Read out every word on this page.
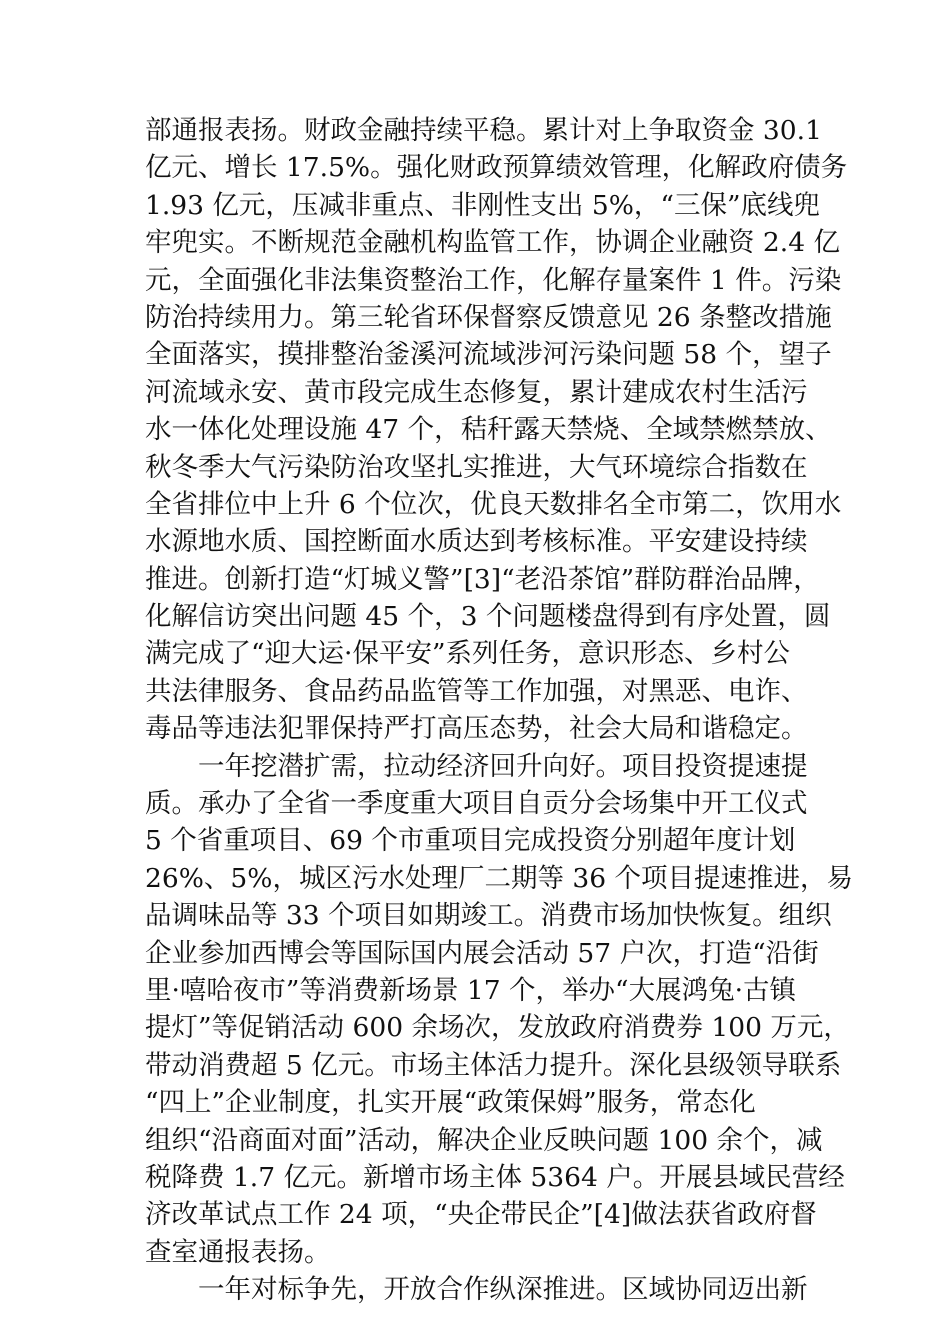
部通报表扬。财政金融持续平稳。累计对上争取资金 30.1
亿元、增长 17.5%。强化财政预算绩效管理，化解政府债务
1.93 亿元，压减非重点、非刚性支出 5%，“三保”底线兜
牢兜实。不断规范金融机构监管工作，协调企业融资 2.4 亿
元，全面强化非法集资整治工作，化解存量案件 1 件。污染
防治持续用力。第三轮省环保督察反馈意见 26 条整改措施
全面落实，摸排整治釜溪河流域涉河污染问题 58 个，望子
河流域永安、黄市段完成生态修复，累计建成农村生活污
水一体化处理设施 47 个，秸秆露天禁烧、全域禁燃禁放、
秋冬季大气污染防治攻坚扎实推进，大气环境综合指数在
全省排位中上升 6 个位次，优良天数排名全市第二，饮用水
水源地水质、国控断面水质达到考核标准。平安建设持续
推进。创新打造“灯城义警”[3]“老沿茶馆”群防群治品牌，
化解信访突出问题 45 个，3 个问题楼盘得到有序处置，圆
满完成了“迎大运·保平安”系列任务，意识形态、乡村公
共法律服务、食品药品监管等工作加强，对黑恶、电诈、
毒品等违法犯罪保持严打高压态势，社会大局和谐稳定。
一年挖潜扩需，拉动经济回升向好。项目投资提速提
质。承办了全省一季度重大项目自贡分会场集中开工仪式
5 个省重项目、69 个市重项目完成投资分别超年度计划
26%、5%，城区污水处理厂二期等 36 个项目提速推进，易
品调味品等 33 个项目如期竣工。消费市场加快恢复。组织
企业参加西博会等国际国内展会活动 57 户次，打造“沿街
里·嘻哈夜市”等消费新场景 17 个，举办“大展鸿兔·古镇
提灯”等促销活动 600 余场次，发放政府消费券 100 万元，
带动消费超 5 亿元。市场主体活力提升。深化县级领导联系
“四上”企业制度，扎实开展“政策保姆”服务，常态化
组织“沿商面对面”活动，解决企业反映问题 100 余个，减
税降费 1.7 亿元。新增市场主体 5364 户。开展县域民营经
济改革试点工作 24 项，“央企带民企”[4]做法获省政府督
查室通报表扬。
一年对标争先，开放合作纵深推进。区域协同迈出新
